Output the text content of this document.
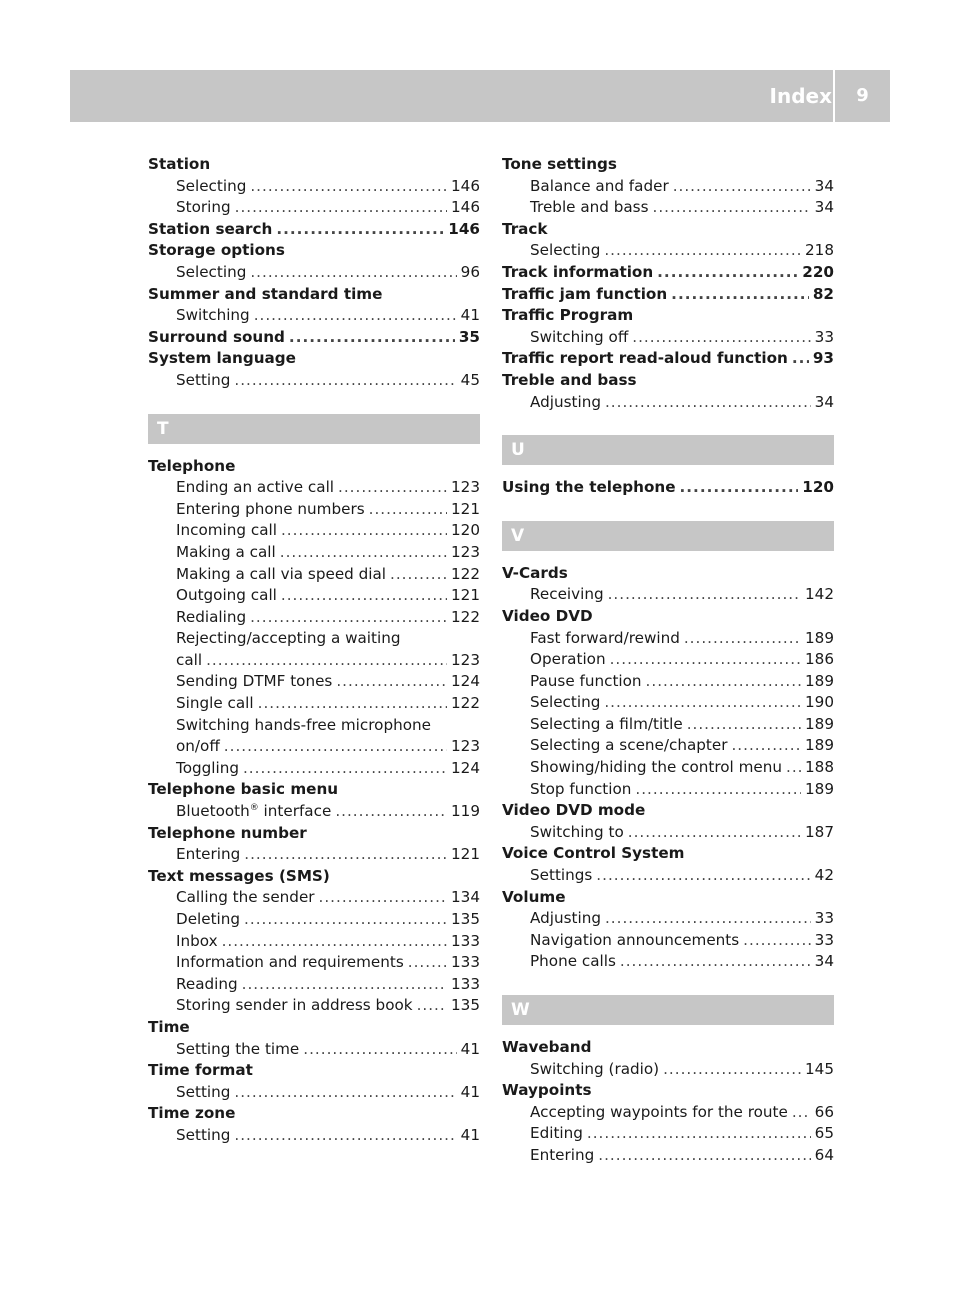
Index	9
Station
Selecting .....	146
Storing .....	146
Station search .....	146
Storage options
Selecting .....	96
Summer and standard time
Switching .....	41
Surround sound .....	35
System language
Setting .....	45
T
Telephone
Ending an active call .....	123
Entering phone numbers .....	121
Incoming call .....	120
Making a call .....	123
Making a call via speed dial .....	122
Outgoing call .....	121
Redialing .....	122
Rejecting/accepting a waiting
call .....	123
Sending DTMF tones .....	124
Single call .....	122
Switching hands-free microphone
on/off .....	123
Toggling .....	124
Telephone basic menu
Bluetooth® interface .....	119
Telephone number
Entering .....	121
Text messages (SMS)
Calling the sender .....	134
Deleting .....	135
Inbox .....	133
Information and requirements .....	133
Reading .....	133
Storing sender in address book .....	135
Time
Setting the time .....	41
Time format
Setting .....	41
Time zone
Setting .....	41
Tone settings
Balance and fader .....	34
Treble and bass .....	34
Track
Selecting .....	218
Track information .....	220
Traffic jam function .....	82
Traffic Program
Switching off .....	33
Traffic report read-aloud function ..... 93
Treble and bass
Adjusting .....	34
U
Using the telephone .....	120
V
V-Cards
Receiving .....	142
Video DVD
Fast forward/rewind .....	189
Operation .....	186
Pause function .....	189
Selecting .....	190
Selecting a film/title .....	189
Selecting a scene/chapter .....	189
Showing/hiding the control menu ..... 188
Stop function .....	189
Video DVD mode
Switching to .....	187
Voice Control System
Settings .....	42
Volume
Adjusting .....	33
Navigation announcements .....	33
Phone calls .....	34
W
Waveband
Switching (radio) .....	145
Waypoints
Accepting waypoints for the route ..... 66
Editing .....	65
Entering .....	64
